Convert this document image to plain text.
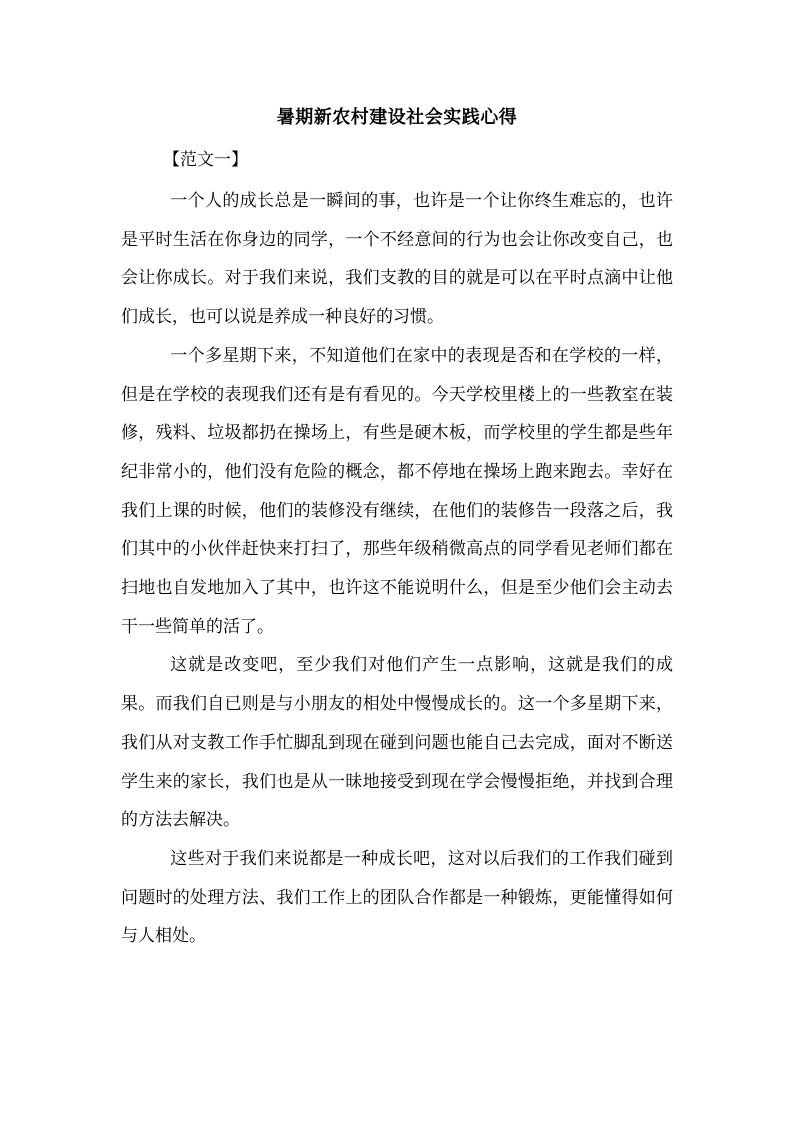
暑期新农村建设社会实践心得
【范文一】

一个人的成长总是一瞬间的事，也许是一个让你终生难忘的，也许是平时生活在你身边的同学，一个不经意间的行为也会让你改变自己，也会让你成长。对于我们来说，我们支教的目的就是可以在平时点滴中让他们成长，也可以说是养成一种良好的习惯。

一个多星期下来，不知道他们在家中的表现是否和在学校的一样，但是在学校的表现我们还有是有看见的。今天学校里楼上的一些教室在装修，残料、垃圾都扔在操场上，有些是硬木板，而学校里的学生都是些年纪非常小的，他们没有危险的概念，都不停地在操场上跑来跑去。幸好在我们上课的时候，他们的装修没有继续，在他们的装修告一段落之后，我们其中的小伙伴赶快来打扫了，那些年级稍微高点的同学看见老师们都在扫地也自发地加入了其中，也许这不能说明什么，但是至少他们会主动去干一些简单的活了。

这就是改变吧，至少我们对他们产生一点影响，这就是我们的成果。而我们自已则是与小朋友的相处中慢慢成长的。这一个多星期下来，我们从对支教工作手忙脚乱到现在碰到问题也能自己去完成，面对不断送学生来的家长，我们也是从一昧地接受到现在学会慢慢拒绝，并找到合理的方法去解决。

这些对于我们来说都是一种成长吧，这对以后我们的工作我们碰到问题时的处理方法、我们工作上的团队合作都是一种锻炼，更能懂得如何与人相处。
